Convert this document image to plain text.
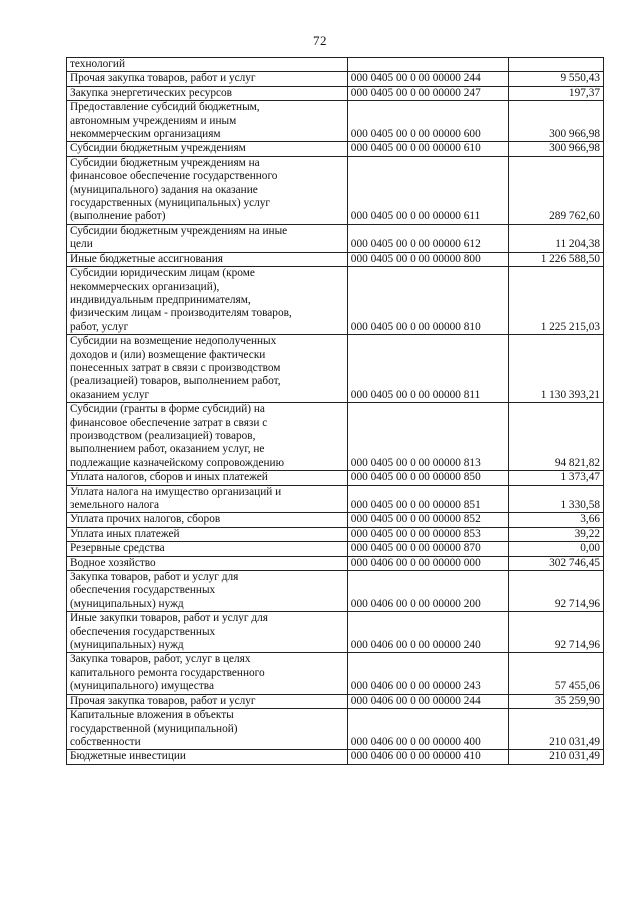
72
технологий		
Прочая закупка товаров, работ и услуг	000 0405 00 0 00 00000 244	9 550,43
Закупка энергетических ресурсов	000 0405 00 0 00 00000 247	197,37
Предоставление субсидий бюджетным,
автономным учреждениям и иным
некоммерческим организациям	000 0405 00 0 00 00000 600	300 966,98
Субсидии бюджетным учреждениям	000 0405 00 0 00 00000 610	300 966,98
Субсидии бюджетным учреждениям на
финансовое обеспечение государственного
(муниципального) задания на оказание
государственных (муниципальных) услуг
(выполнение работ)	000 0405 00 0 00 00000 611	289 762,60
Субсидии бюджетным учреждениям на иные
цели	000 0405 00 0 00 00000 612	11 204,38
Иные бюджетные ассигнования	000 0405 00 0 00 00000 800	1 226 588,50
Субсидии юридическим лицам (кроме
некоммерческих организаций),
индивидуальным предпринимателям,
физическим лицам - производителям товаров,
работ, услуг	000 0405 00 0 00 00000 810	1 225 215,03
Субсидии на возмещение недополученных
доходов и (или) возмещение фактически
понесенных затрат в связи с производством
(реализацией) товаров, выполнением работ,
оказанием услуг	000 0405 00 0 00 00000 811	1 130 393,21
Субсидии (гранты в форме субсидий) на
финансовое обеспечение затрат в связи с
производством (реализацией) товаров,
выполнением работ, оказанием услуг, не
подлежащие казначейскому сопровождению	000 0405 00 0 00 00000 813	94 821,82
Уплата налогов, сборов и иных платежей	000 0405 00 0 00 00000 850	1 373,47
Уплата налога на имущество организаций и
земельного налога	000 0405 00 0 00 00000 851	1 330,58
Уплата прочих налогов, сборов	000 0405 00 0 00 00000 852	3,66
Уплата иных платежей	000 0405 00 0 00 00000 853	39,22
Резервные средства	000 0405 00 0 00 00000 870	0,00
Водное хозяйство	000 0406 00 0 00 00000 000	302 746,45
Закупка товаров, работ и услуг для
обеспечения государственных
(муниципальных) нужд	000 0406 00 0 00 00000 200	92 714,96
Иные закупки товаров, работ и услуг для
обеспечения государственных
(муниципальных) нужд	000 0406 00 0 00 00000 240	92 714,96
Закупка товаров, работ, услуг в целях
капитального ремонта государственного
(муниципального) имущества	000 0406 00 0 00 00000 243	57 455,06
Прочая закупка товаров, работ и услуг	000 0406 00 0 00 00000 244	35 259,90
Капитальные вложения в объекты
государственной (муниципальной)
собственности	000 0406 00 0 00 00000 400	210 031,49
Бюджетные инвестиции	000 0406 00 0 00 00000 410	210 031,49
